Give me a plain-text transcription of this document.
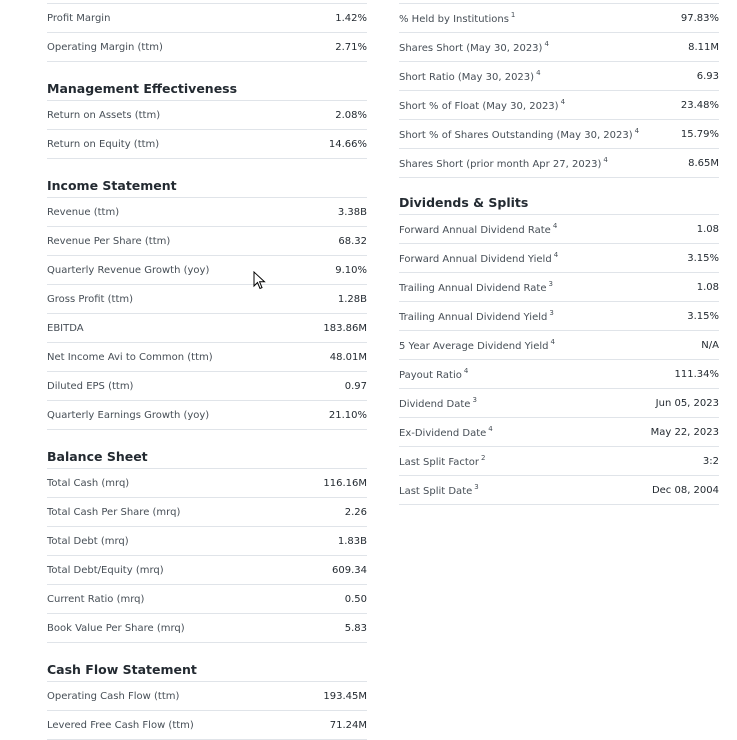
Profit Margin	1.42%
Operating Margin (ttm)	2.71%
Management Effectiveness
Return on Assets (ttm)	2.08%
Return on Equity (ttm)	14.66%
Income Statement
Revenue (ttm)	3.38B
Revenue Per Share (ttm)	68.32
Quarterly Revenue Growth (yoy)	9.10%
Gross Profit (ttm)	1.28B
EBITDA	183.86M
Net Income Avi to Common (ttm)	48.01M
Diluted EPS (ttm)	0.97
Quarterly Earnings Growth (yoy)	21.10%
Balance Sheet
Total Cash (mrq)	116.16M
Total Cash Per Share (mrq)	2.26
Total Debt (mrq)	1.83B
Total Debt/Equity (mrq)	609.34
Current Ratio (mrq)	0.50
Book Value Per Share (mrq)	5.83
Cash Flow Statement
Operating Cash Flow (ttm)	193.45M
Levered Free Cash Flow (ttm)	71.24M
% Held by Institutions $^1$	97.83%
Shares Short (May 30, 2023) $^4$	8.11M
Short Ratio (May 30, 2023) $^4$	6.93
Short % of Float (May 30, 2023) $^4$	23.48%
Short % of Shares Outstanding (May 30, 2023) $^4$	15.79%
Shares Short (prior month Apr 27, 2023) $^4$	8.65M
Dividends & Splits
Forward Annual Dividend Rate $^4$	1.08
Forward Annual Dividend Yield $^4$	3.15%
Trailing Annual Dividend Rate $^3$	1.08
Trailing Annual Dividend Yield $^3$	3.15%
5 Year Average Dividend Yield $^4$	N/A
Payout Ratio $^4$	111.34%
Dividend Date $^3$	Jun 05, 2023
Ex-Dividend Date $^4$	May 22, 2023
Last Split Factor $^2$	3:2
Last Split Date $^3$	Dec 08, 2004
